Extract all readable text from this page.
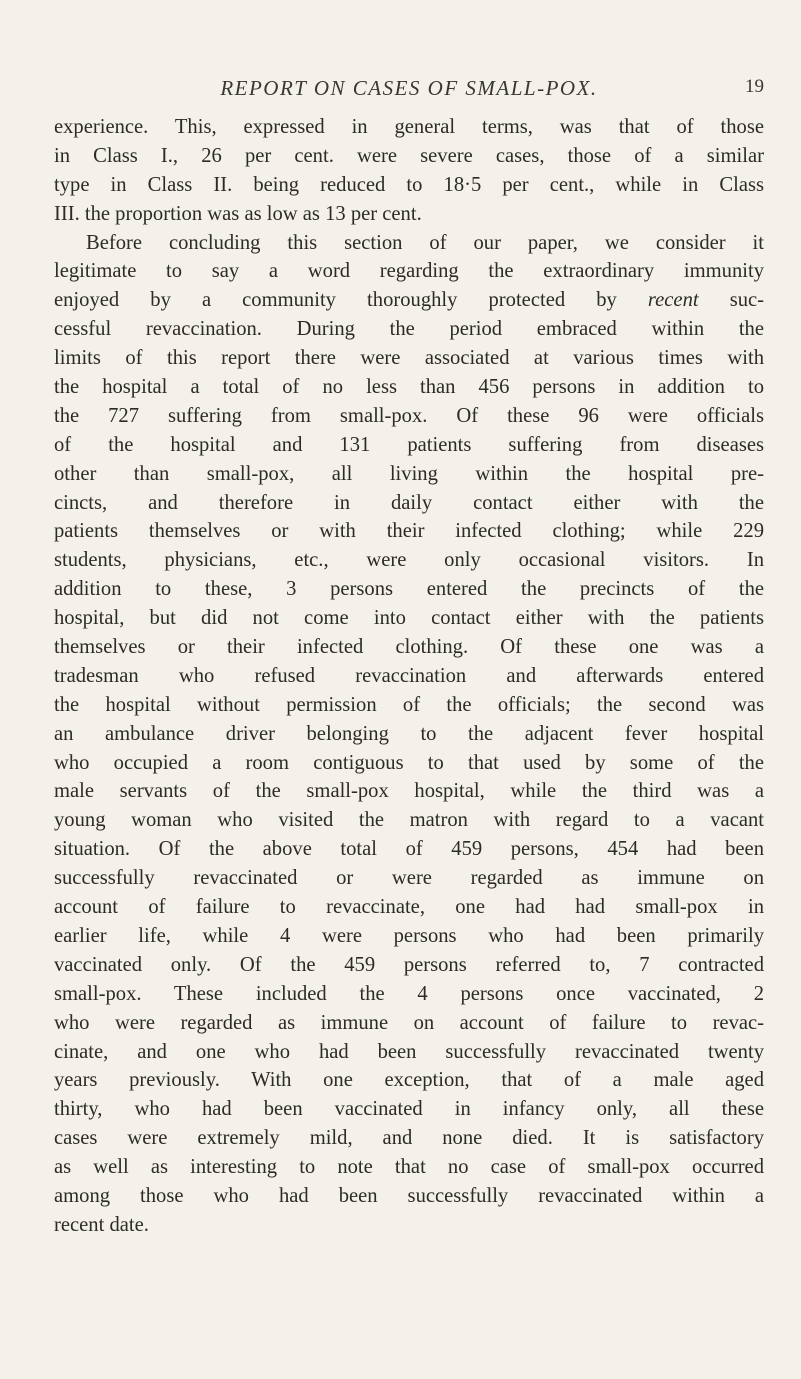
REPORT ON CASES OF SMALL-POX.	19
experience. This, expressed in general terms, was that of those
in Class I., 26 per cent. were severe cases, those of a similar
type in Class II. being reduced to 18·5 per cent., while in Class
III. the proportion was as low as 13 per cent.
Before concluding this section of our paper, we consider it
legitimate to say a word regarding the extraordinary immunity
enjoyed by a community thoroughly protected by recent suc-
cessful revaccination. During the period embraced within the
limits of this report there were associated at various times with
the hospital a total of no less than 456 persons in addition to
the 727 suffering from small-pox. Of these 96 were officials
of the hospital and 131 patients suffering from diseases
other than small-pox, all living within the hospital pre-
cincts, and therefore in daily contact either with the
patients themselves or with their infected clothing; while 229
students, physicians, etc., were only occasional visitors. In
addition to these, 3 persons entered the precincts of the
hospital, but did not come into contact either with the patients
themselves or their infected clothing. Of these one was a
tradesman who refused revaccination and afterwards entered
the hospital without permission of the officials; the second was
an ambulance driver belonging to the adjacent fever hospital
who occupied a room contiguous to that used by some of the
male servants of the small-pox hospital, while the third was a
young woman who visited the matron with regard to a vacant
situation. Of the above total of 459 persons, 454 had been
successfully revaccinated or were regarded as immune on
account of failure to revaccinate, one had had small-pox in
earlier life, while 4 were persons who had been primarily
vaccinated only. Of the 459 persons referred to, 7 contracted
small-pox. These included the 4 persons once vaccinated, 2
who were regarded as immune on account of failure to revac-
cinate, and one who had been successfully revaccinated twenty
years previously. With one exception, that of a male aged
thirty, who had been vaccinated in infancy only, all these
cases were extremely mild, and none died. It is satisfactory
as well as interesting to note that no case of small-pox occurred
among those who had been successfully revaccinated within a
recent date.
